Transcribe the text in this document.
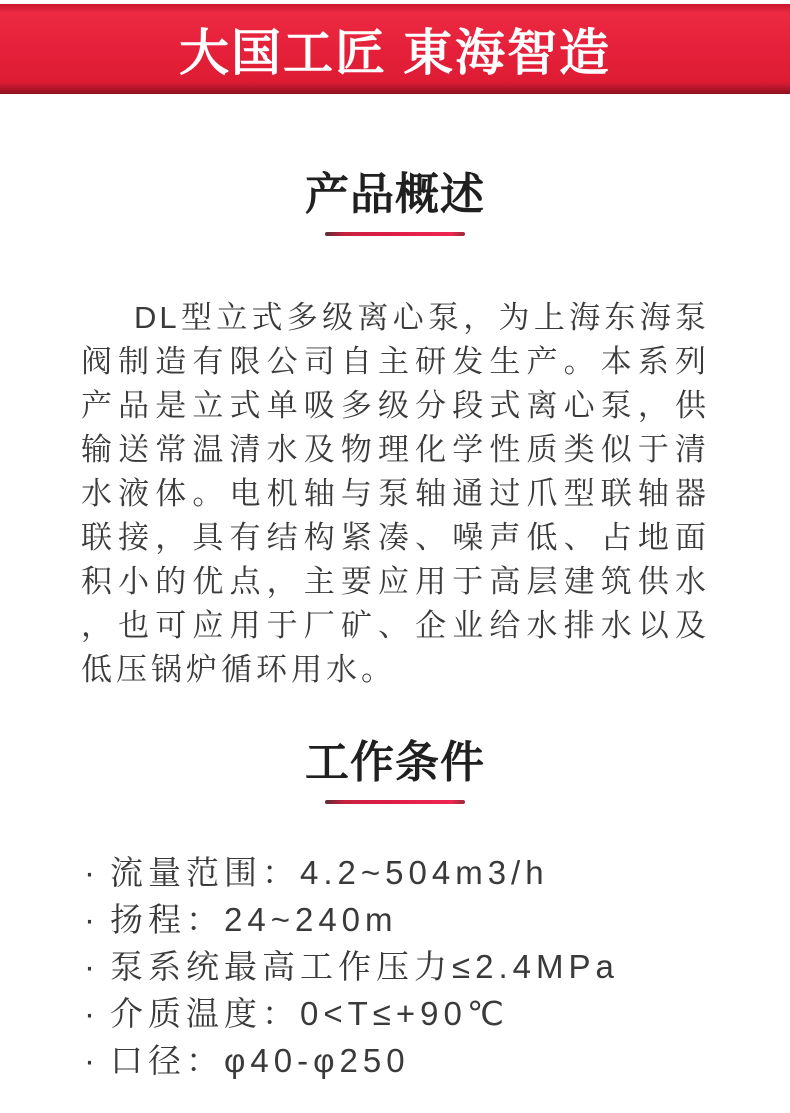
大国工匠 東海智造
产品概述
DL型立式多级离心泵，为上海东海泵
阀制造有限公司自主研发生产。本系列
产品是立式单吸多级分段式离心泵，供
输送常温清水及物理化学性质类似于清
水液体。电机轴与泵轴通过爪型联轴器
联接，具有结构紧凑、噪声低、占地面
积小的优点，主要应用于高层建筑供水
，也可应用于厂矿、企业给水排水以及
低压锅炉循环用水。
工作条件
· 流量范围：4.2~504m3/h
· 扬程：24~240m
· 泵系统最高工作压力≤2.4MPa
· 介质温度：0<T≤+90℃
· 口径：φ40-φ250
